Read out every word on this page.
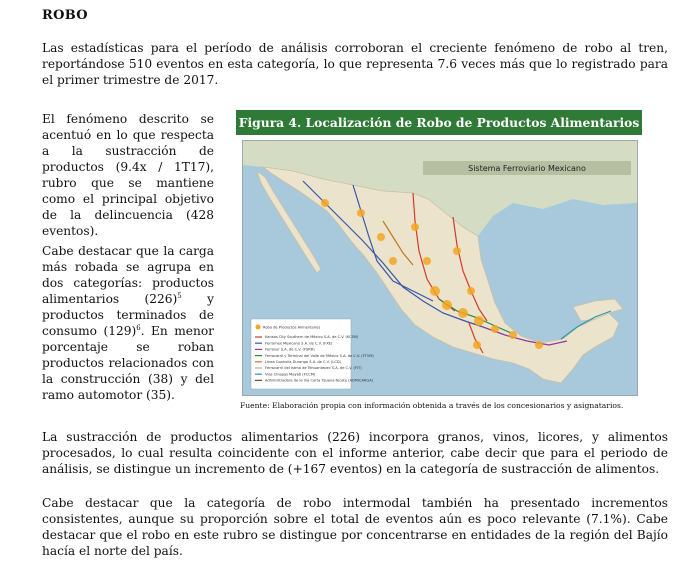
ROBO

Las estadísticas para el período de análisis corroboran el creciente fenómeno de robo al tren, reportándose 510 eventos en esta categoría, lo que representa 7.6 veces más que lo registrado para el primer trimestre de 2017.

El fenómeno descrito se acentuó en lo que respecta a la sustracción de productos (9.4x / 1T17), rubro que se mantiene como el principal objetivo de la delincuencia (428 eventos).

Cabe destacar que la carga más robada se agrupa en dos categorías: productos alimentarios $(226)^5$ y productos terminados de consumo $(129)^6$. En menor porcentaje se roban productos relacionados con la construcción (38) y del ramo automotor (35).

Figura 4. Localización de Robo de Productos Alimentarios
Sistema Ferroviario Mexicano
Robo de Productos Alimentarios
Kansas City Southern de México S.A. de C.V. (KCSM)
Ferromex Mexicano S.A. de C.V. (FXE)
Ferrosur S.A. de C.V. (FSRR)
Ferrocarril y Terminal del Valle de México S.A. de C.V. (FTVM)
Línea Coahuila Durango S.A. de C.V. (LCD)
Ferrocarril del Istmo de Tehuantepec S.A. de C.V. (FIT)
Vías Chiapas Mayab (FCCM)
Administradora de la Vía Corta Tijuana-Tecate (ADMICARGA)
Fuente: Elaboración propia con información obtenida a través de los concesionarios y asignatarios.

La sustracción de productos alimentarios (226) incorpora granos, vinos, licores, y alimentos procesados, lo cual resulta coincidente con el informe anterior, cabe decir que para el periodo de análisis, se distingue un incremento de (+167 eventos) en la categoría de sustracción de alimentos.

Cabe destacar que la categoría de robo intermodal también ha presentado incrementos consistentes, aunque su proporción sobre el total de eventos aún es poco relevante (7.1%). Cabe destacar que el robo en este rubro se distingue por concentrarse en entidades de la región del Bajío hacía el norte del país.
